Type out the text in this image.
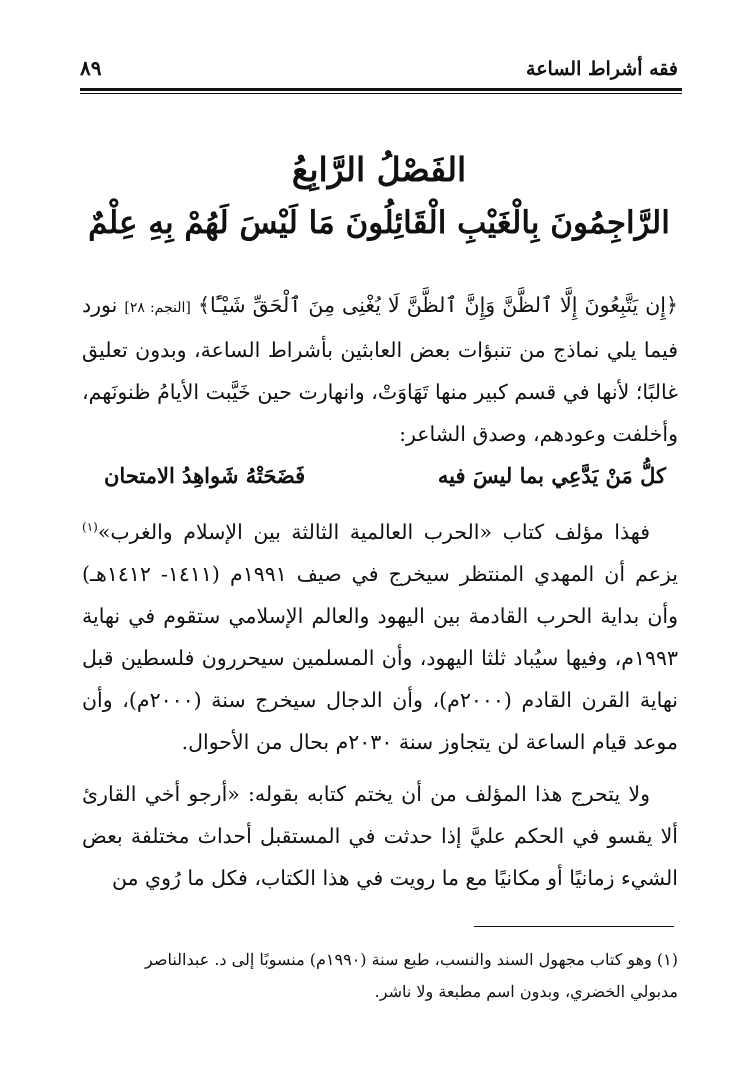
فقه أشراط الساعة
٨٩
الفَصْلُ الرَّابِعُ
الرَّاجِمُونَ بِالْغَيْبِ الْقَائِلُونَ مَا لَيْسَ لَهُمْ بِهِ عِلْمٌ

﴿إِن يَتَّبِعُونَ إِلَّا ٱلظَّنَّ وَإِنَّ ٱلظَّنَّ لَا يُغْنِى مِنَ ٱلْحَقِّ شَيْـًٔا﴾ [النجم: ٢٨] نورد فيما يلي نماذج من تنبؤات بعض العابثين بأشراط الساعة، وبدون تعليق غالبًا؛ لأنها في قسم كبير منها تَهَاوَتْ، وانهارت حين خَيَّبت الأيامُ ظنونَهم، وأخلفت وعودهم، وصدق الشاعر:

كلُّ مَنْ يَدَّعِي بما ليسَ فيه
فَضَحَتْهُ شَواهِدُ الامتحان

فهذا مؤلف كتاب «الحرب العالمية الثالثة بين الإسلام والغرب»$^{(١)}$ يزعم أن المهدي المنتظر سيخرج في صيف ١٩٩١م (١٤١١- ١٤١٢هـ) وأن بداية الحرب القادمة بين اليهود والعالم الإسلامي ستقوم في نهاية ١٩٩٣م، وفيها سيُباد ثلثا اليهود، وأن المسلمين سيحررون فلسطين قبل نهاية القرن القادم (٢٠٠٠م)، وأن الدجال سيخرج سنة (٢٠٠٠م)، وأن موعد قيام الساعة لن يتجاوز سنة ٢٠٣٠م بحال من الأحوال.

ولا يتحرج هذا المؤلف من أن يختم كتابه بقوله: «أرجو أخي القارئ ألا يقسو في الحكم عليَّ إذا حدثت في المستقبل أحداث مختلفة بعض الشيء زمانيًا أو مكانيًا مع ما رويت في هذا الكتاب، فكل ما رُوي من

(١) وهو كتاب مجهول السند والنسب، طبع سنة (١٩٩٠م) منسوبًا إلى د. عبدالناصر

مدبولي الخضري، وبدون اسم مطبعة ولا ناشر.
